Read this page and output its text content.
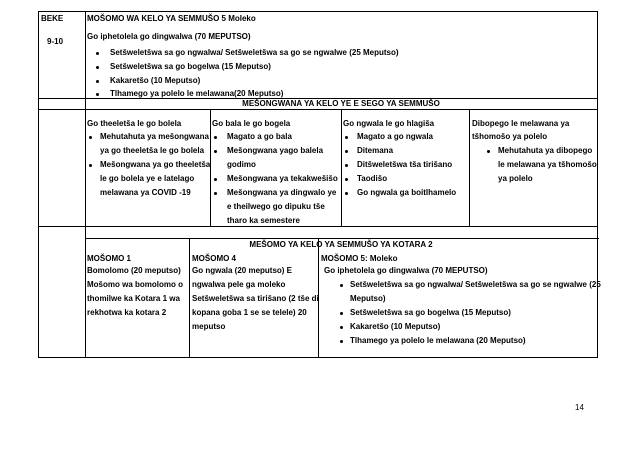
BEKE
9-10
MOŠOMO WA KELO YA SEMMUŠO 5 Moleko
Go iphetolela go dingwalwa (70 MEPUTSO)
Setšweletšwa sa go ngwalwa/ Setšweletšwa sa go se ngwalwe (25 Meputso)
Setšweletšwa sa go bogelwa (15 Meputso)
Kakaretšo (10 Meputso)
Tlhamego ya polelo le melawana(20 Meputso)
MEŠONGWANA YA KELO YE E SEGO YA SEMMUŠO
Go theeletša le go bolela
Mehutahuta ya mešongwana
ya go theeletša le go bolela
Mešongwana ya go theeletša
le go bolela ye e latelago
melawana ya COVID -19
Go bala le go bogela
Magato a go bala
Mešongwana yago balela
godimo
Mešongwana ya tekakwešišo
Mešongwana ya dingwalo ye
e theilwego go dipuku tše
tharo ka semestere
Go ngwala le go hlagiša
Magato a go ngwala
Ditemana
Ditšweletšwa tša tirišano
Taodišo
Go ngwala ga boitlhamelo
Dibopego le melawana ya
tšhomošo ya polelo
Mehutahuta ya dibopego
le melawana ya tšhomošo
ya polelo
MEŠOMO YA KELO YA SEMMUŠO YA KOTARA 2
MOŠOMO 1
Bomolomo (20 meputso)
Mošomo wa bomolomo o
thomilwe ka Kotara 1 wa
rekhotwa ka kotara 2
MOŠOMO 4
Go ngwala (20 meputso) E
ngwalwa pele ga moleko
Setšweletšwa sa tirišano (2 tše di
kopana goba 1 se se telele) 20
meputso
MOŠOMO 5: Moleko
Go iphetolela go dingwalwa (70 MEPUTSO)
Setšweletšwa sa go ngwalwa/ Setšweletšwa sa go se ngwalwe (25
Meputso)
Setšweletšwa sa go bogelwa (15 Meputso)
Kakaretšo (10 Meputso)
Tlhamego ya polelo le melawana (20 Meputso)
14
